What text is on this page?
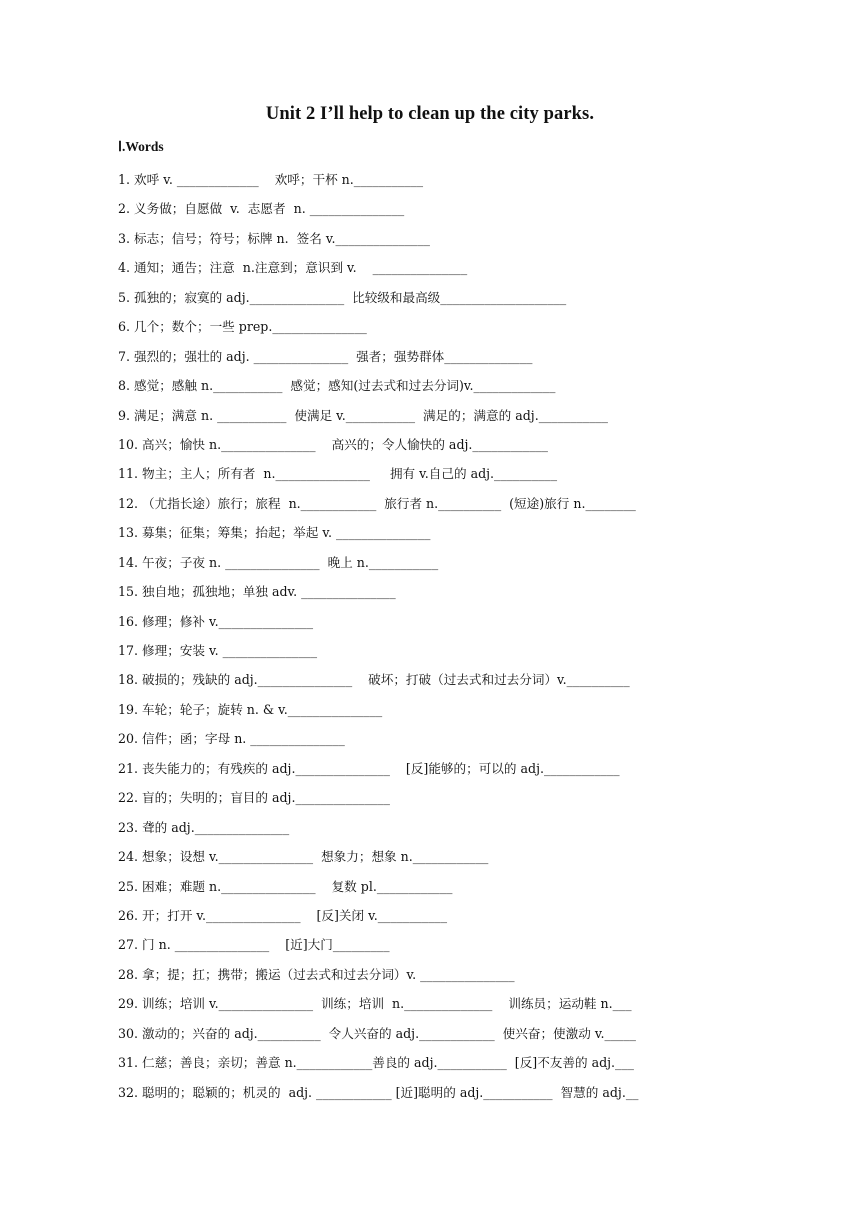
Unit 2 I’ll help to clean up the city parks.
Ⅰ.Words
1. 欢呼 v. _____________    欢呼；干杯 n.___________
2. 义务做；自愿做  v.  志愿者  n. _______________
3. 标志；信号；符号；标牌 n.  签名 v._______________
4. 通知；通告；注意  n.注意到；意识到 v.    _______________
5. 孤独的；寂寞的 adj._______________  比较级和最高级____________________
6. 几个；数个；一些 prep._______________
7. 强烈的；强壮的 adj. _______________  强者；强势群体______________
8. 感觉；感触 n.___________  感觉；感知(过去式和过去分词)v._____________
9. 满足；满意 n. ___________  使满足 v.___________  满足的；满意的 adj.___________
10. 高兴；愉快 n._______________    高兴的；令人愉快的 adj.____________
11. 物主；主人；所有者  n._______________     拥有 v.自己的 adj.__________
12. （尤指长途）旅行；旅程  n.____________  旅行者 n.__________  (短途)旅行 n.________
13. 募集；征集；筹集；抬起；举起 v. _______________
14. 午夜；子夜 n. _______________  晚上 n.___________
15. 独自地；孤独地；单独 adv. _______________
16. 修理；修补 v._______________
17. 修理；安装 v. _______________
18. 破损的；残缺的 adj._______________    破坏；打破（过去式和过去分词）v.__________
19. 车轮；轮子；旋转 n. & v._______________
20. 信件；函；字母 n. _______________
21. 丧失能力的；有残疾的 adj._______________    [反]能够的；可以的 adj.____________
22. 盲的；失明的；盲目的 adj._______________
23. 聋的 adj._______________
24. 想象；设想 v._______________  想象力；想象 n.____________
25. 困难；难题 n._______________    复数 pl.____________
26. 开；打开 v._______________    [反]关闭 v.___________
27. 门 n. _______________    [近]大门_________
28. 拿；提；扛；携带；搬运（过去式和过去分词）v. _______________
29. 训练；培训 v._______________  训练；培训  n.______________    训练员；运动鞋 n.___
30. 激动的；兴奋的 adj.__________  令人兴奋的 adj.____________  使兴奋；使激动 v._____
31. 仁慈；善良；亲切；善意 n.____________善良的 adj.___________  [反]不友善的 adj.___
32. 聪明的；聪颖的；机灵的  adj. ____________ [近]聪明的 adj.___________  智慧的 adj.__
